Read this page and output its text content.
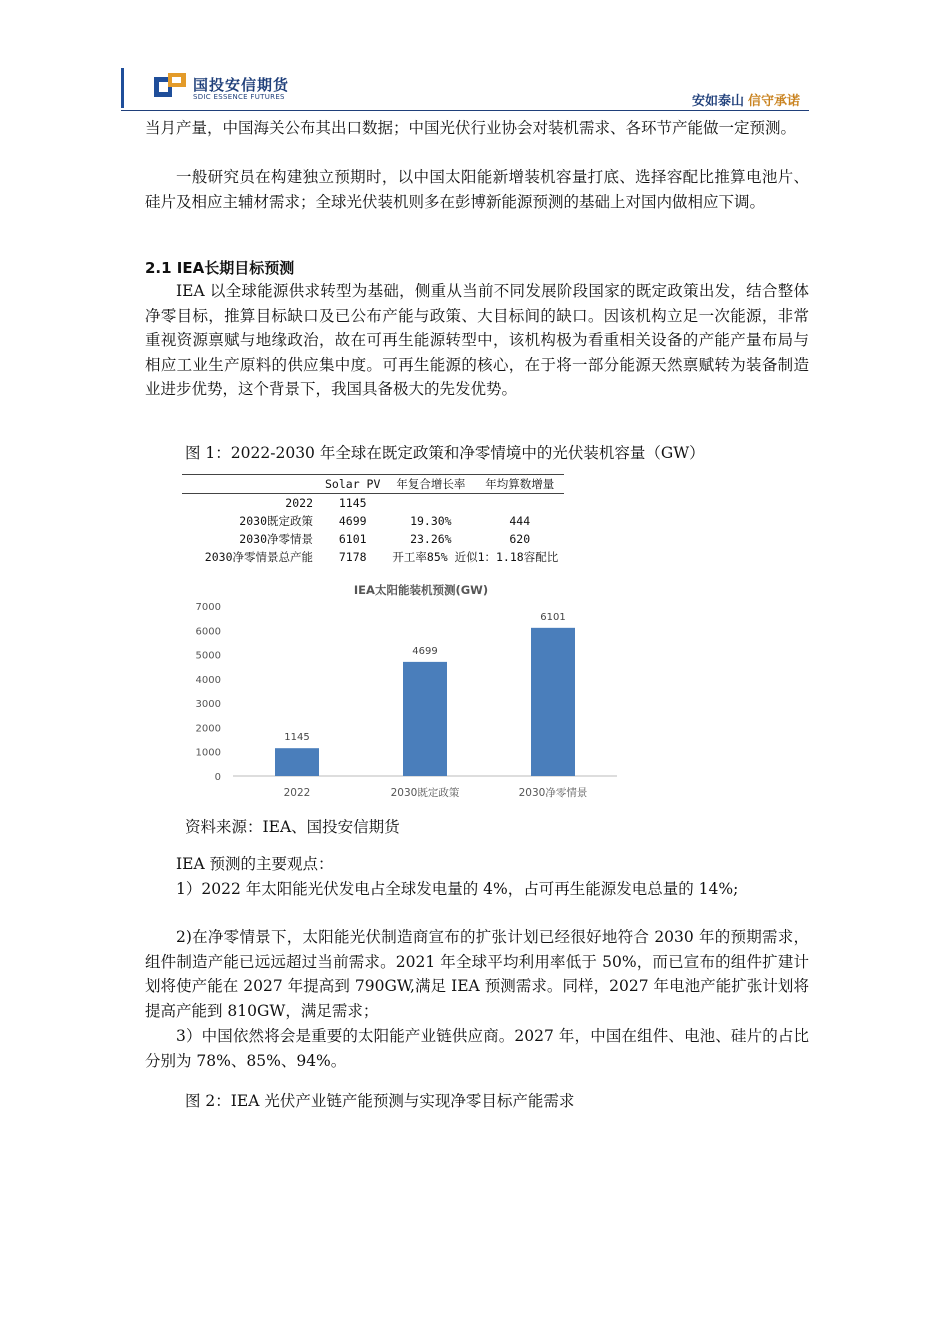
国投安信期货
SDIC ESSENCE FUTURES	安如泰山 信守承诺
当月产量，中国海关公布其出口数据；中国光伏行业协会对装机需求、各环节产能做一定预测。
一般研究员在构建独立预期时，以中国太阳能新增装机容量打底、选择容配比推算电池片、硅片及相应主辅材需求；全球光伏装机则多在彭博新能源预测的基础上对国内做相应下调。
2.1 IEA长期目标预测
IEA 以全球能源供求转型为基础，侧重从当前不同发展阶段国家的既定政策出发，结合整体净零目标，推算目标缺口及已公布产能与政策、大目标间的缺口。因该机构立足一次能源，非常重视资源禀赋与地缘政治，故在可再生能源转型中，该机构极为看重相关设备的产能产量布局与相应工业生产原料的供应集中度。可再生能源的核心，在于将一部分能源天然禀赋转为装备制造业进步优势，这个背景下，我国具备极大的先发优势。
图 1：2022-2030 年全球在既定政策和净零情境中的光伏装机容量（GW）
	Solar PV	年复合增长率	年均算数增量
2022	1145		
2030既定政策	4699	19.30%	444
2030净零情景	6101	23.26%	620
2030净零情景总产能	7178	开工率85% 近似1：1.18容配比	
IEA太阳能装机预测(GW)
0
1000
2000
3000
4000
5000
6000
7000
1145
2022
4699
2030既定政策
6101
2030净零情景
资料来源：IEA、国投安信期货
IEA 预测的主要观点：
1）2022 年太阳能光伏发电占全球发电量的 4%，占可再生能源发电总量的 14%;
2)在净零情景下，太阳能光伏制造商宣布的扩张计划已经很好地符合 2030 年的预期需求，组件制造产能已远远超过当前需求。2021 年全球平均利用率低于 50%，而已宣布的组件扩建计划将使产能在 2027 年提高到 790GW,满足 IEA 预测需求。同样，2027 年电池产能扩张计划将提高产能到 810GW，满足需求；
3）中国依然将会是重要的太阳能产业链供应商。2027 年，中国在组件、电池、硅片的占比分别为 78%、85%、94%。
图 2：IEA 光伏产业链产能预测与实现净零目标产能需求
